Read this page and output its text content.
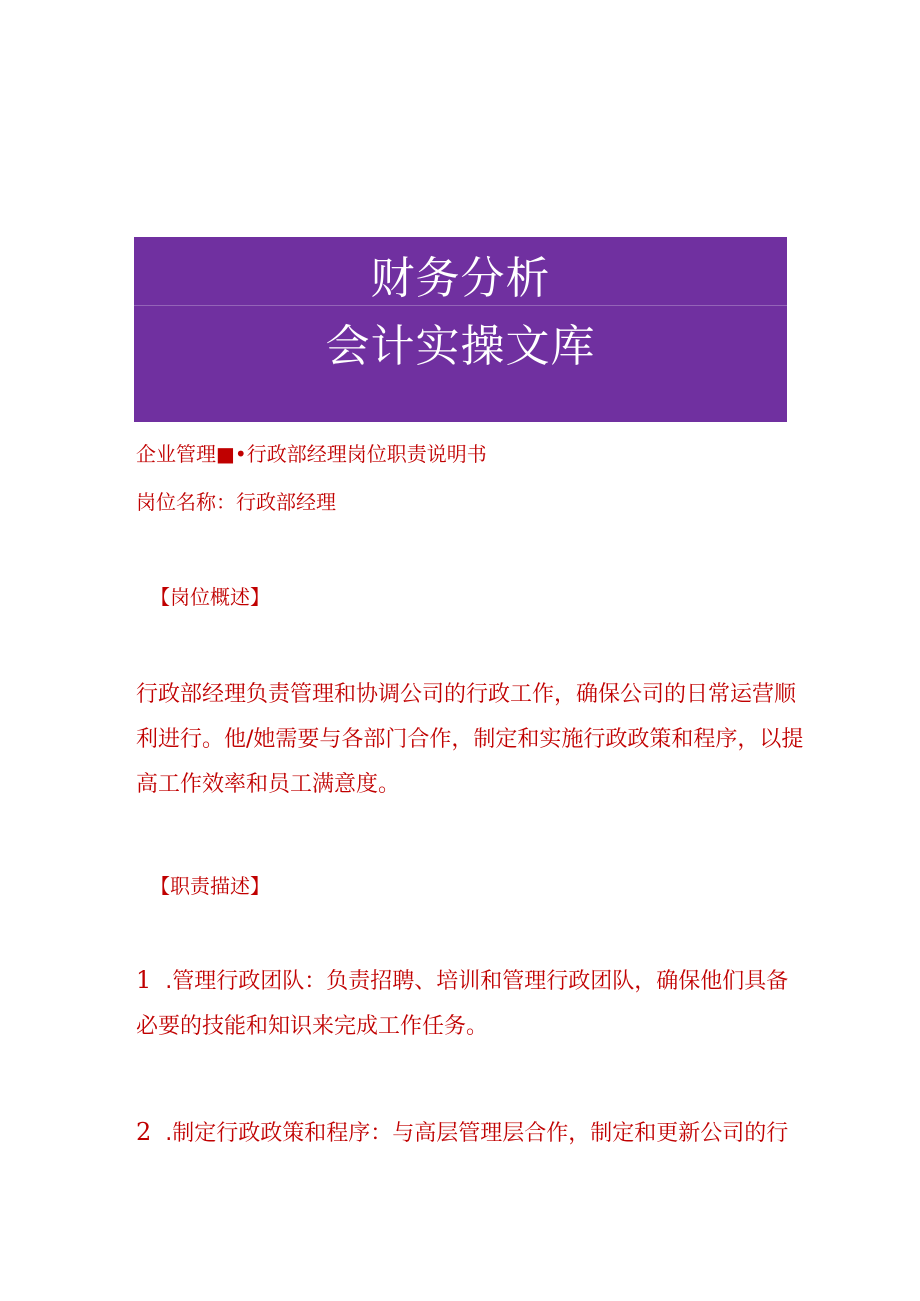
财务分析
会计实操文库
企业管理■•行政部经理岗位职责说明书
岗位名称：行政部经理
【岗位概述】
行政部经理负责管理和协调公司的行政工作，确保公司的日常运营顺
利进行。他/她需要与各部门合作，制定和实施行政政策和程序，以提
高工作效率和员工满意度。
【职责描述】
1 .管理行政团队：负责招聘、培训和管理行政团队，确保他们具备
必要的技能和知识来完成工作任务。
2 .制定行政政策和程序：与高层管理层合作，制定和更新公司的行
